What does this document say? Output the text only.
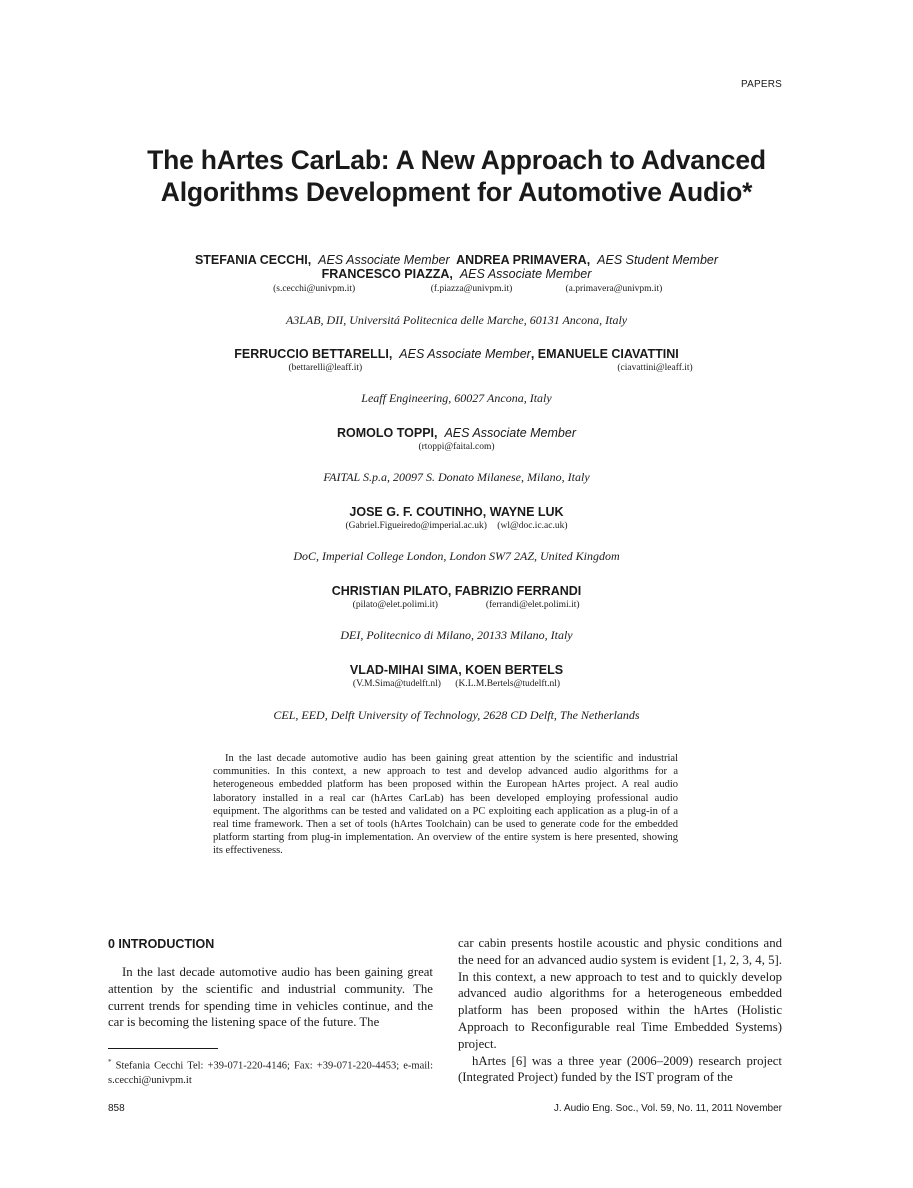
PAPERS
The hArtes CarLab: A New Approach to Advanced
Algorithms Development for Automotive Audio*
STEFANIA CECCHI, AES Associate Member ANDREA PRIMAVERA, AES Student Member
FRANCESCO PIAZZA, AES Associate Member
(s.cecchi@univpm.it)	(f.piazza@univpm.it)	(a.primavera@univpm.it)
A3LAB, DII, Universitá Politecnica delle Marche, 60131 Ancona, Italy
FERRUCCIO BETTARELLI, AES Associate Member, EMANUELE CIAVATTINI
(bettarelli@leaff.it)	(ciavattini@leaff.it)
Leaff Engineering, 60027 Ancona, Italy
ROMOLO TOPPI, AES Associate Member
(rtoppi@faital.com)
FAITAL S.p.a, 20097 S. Donato Milanese, Milano, Italy
JOSE G. F. COUTINHO, WAYNE LUK
(Gabriel.Figueiredo@imperial.ac.uk) (wl@doc.ic.ac.uk)
DoC, Imperial College London, London SW7 2AZ, United Kingdom
CHRISTIAN PILATO, FABRIZIO FERRANDI
(pilato@elet.polimi.it)	(ferrandi@elet.polimi.it)
DEI, Politecnico di Milano, 20133 Milano, Italy
VLAD-MIHAI SIMA, KOEN BERTELS
(V.M.Sima@tudelft.nl) (K.L.M.Bertels@tudelft.nl)
CEL, EED, Delft University of Technology, 2628 CD Delft, The Netherlands
In the last decade automotive audio has been gaining great attention by the scientific and industrial communities. In this context, a new approach to test and develop advanced audio algorithms for a heterogeneous embedded platform has been proposed within the European hArtes project. A real audio laboratory installed in a real car (hArtes CarLab) has been developed employing professional audio equipment. The algorithms can be tested and validated on a PC exploiting each application as a plug-in of a real time framework. Then a set of tools (hArtes Toolchain) can be used to generate code for the embedded platform starting from plug-in implementation. An overview of the entire system is here presented, showing its effectiveness.
0 INTRODUCTION
In the last decade automotive audio has been gaining great attention by the scientific and industrial community. The current trends for spending time in vehicles continue, and the car is becoming the listening space of the future. The
* Stefania Cecchi Tel: +39-071-220-4146; Fax: +39-071-220-4453; e-mail: s.cecchi@univpm.it

car cabin presents hostile acoustic and physic conditions and the need for an advanced audio system is evident [1, 2, 3, 4, 5]. In this context, a new approach to test and to quickly develop advanced audio algorithms for a heterogeneous embedded platform has been proposed within the hArtes (Holistic Approach to Reconfigurable real Time Embedded Systems) project.

hArtes [6] was a three year (2006–2009) research project (Integrated Project) funded by the IST program of the

858	J. Audio Eng. Soc., Vol. 59, No. 11, 2011 November
